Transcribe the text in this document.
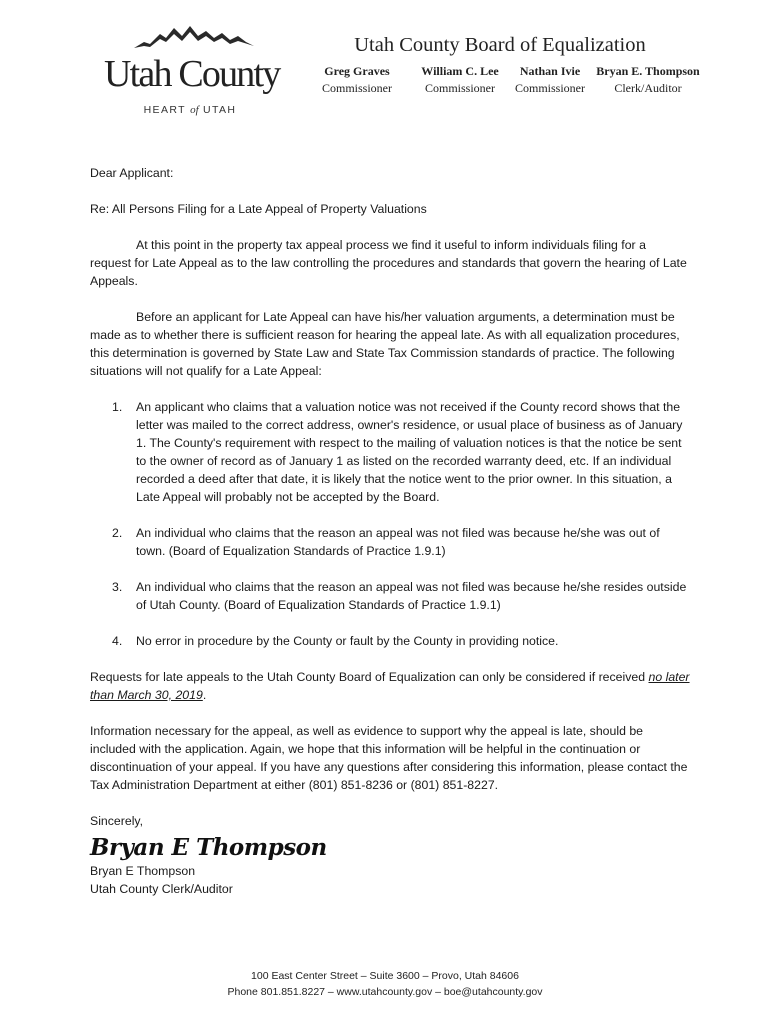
Utah County
HEART of UTAH
Utah County Board of Equalization
Greg Graves
Commissioner
William C. Lee
Commissioner
Nathan Ivie
Commissioner
Bryan E. Thompson
Clerk/Auditor

Dear Applicant:

Re: All Persons Filing for a Late Appeal of Property Valuations

At this point in the property tax appeal process we find it useful to inform individuals filing for a request for Late Appeal as to the law controlling the procedures and standards that govern the hearing of Late Appeals.

Before an applicant for Late Appeal can have his/her valuation arguments, a determination must be made as to whether there is sufficient reason for hearing the appeal late. As with all equalization procedures, this determination is governed by State Law and State Tax Commission standards of practice. The following situations will not qualify for a Late Appeal:

1. An applicant who claims that a valuation notice was not received if the County record shows that the letter was mailed to the correct address, owner's residence, or usual place of business as of January 1. The County's requirement with respect to the mailing of valuation notices is that the notice be sent to the owner of record as of January 1 as listed on the recorded warranty deed, etc. If an individual recorded a deed after that date, it is likely that the notice went to the prior owner. In this situation, a Late Appeal will probably not be accepted by the Board.
2. An individual who claims that the reason an appeal was not filed was because he/she was out of town. (Board of Equalization Standards of Practice 1.9.1)
3. An individual who claims that the reason an appeal was not filed was because he/she resides outside of Utah County. (Board of Equalization Standards of Practice 1.9.1)
4. No error in procedure by the County or fault by the County in providing notice.

Requests for late appeals to the Utah County Board of Equalization can only be considered if received no later than March 30, 2019.

Information necessary for the appeal, as well as evidence to support why the appeal is late, should be included with the application. Again, we hope that this information will be helpful in the continuation or discontinuation of your appeal. If you have any questions after considering this information, please contact the Tax Administration Department at either (801) 851-8236 or (801) 851-8227.

Sincerely,

Bryan E Thompson

Bryan E Thompson

Utah County Clerk/Auditor

100 East Center Street – Suite 3600 – Provo, Utah 84606
Phone 801.851.8227 – www.utahcounty.gov – boe@utahcounty.gov
